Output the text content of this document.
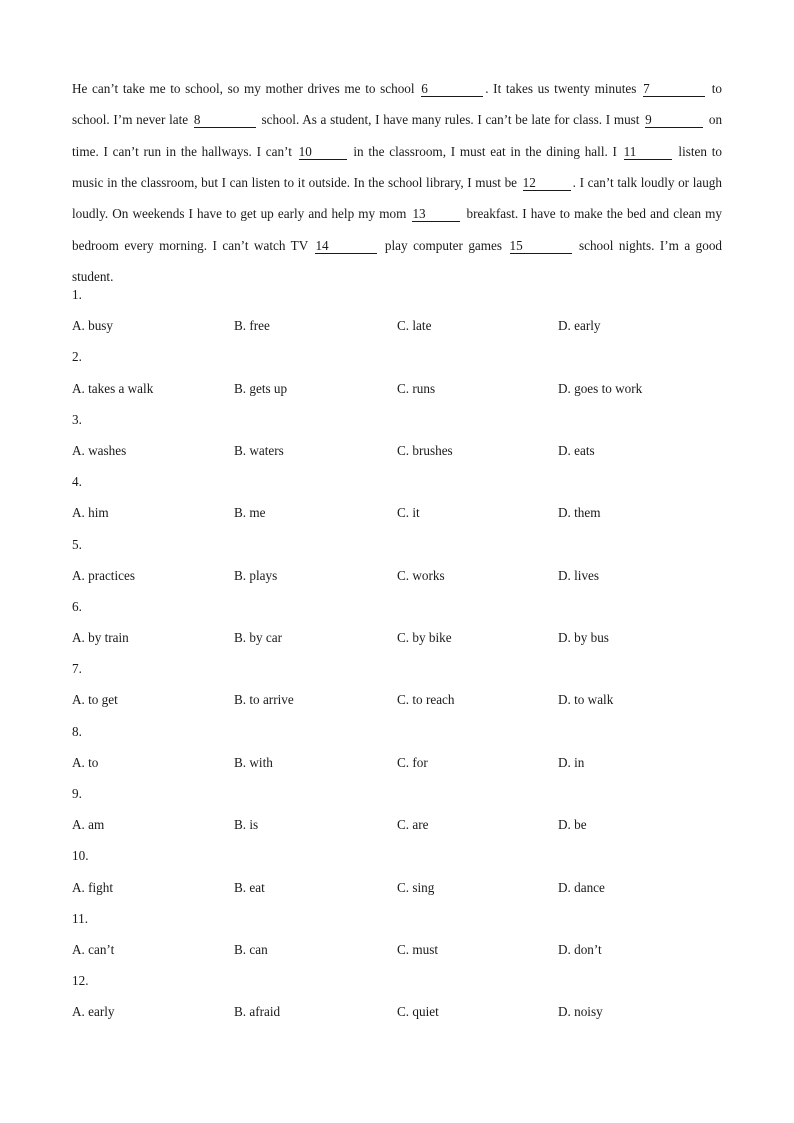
He can’t take me to school, so my mother drives me to school 6	. It takes us twenty minutes 7	to school. I’m never late 8	school. As a student, I have many rules. I can’t be late for class. I must 9	on time. I can’t run in the hallways. I can’t 10	in the classroom, I must eat in the dining hall. I 11	listen to music in the classroom, but I can listen to it outside. In the school library, I must be 12	. I can’t talk loudly or laugh loudly. On weekends I have to get up early and help my mom 13	breakfast. I have to make the bed and clean my bedroom every morning. I can’t watch TV 14	play computer games 15	school nights. I’m a good student.

1.
A. busy	B. free	C. late	D. early
2.
A. takes a walk	B. gets up	C. runs	D. goes to work
3.
A. washes	B. waters	C. brushes	D. eats
4.
A. him	B. me	C. it	D. them
5.
A. practices	B. plays	C. works	D. lives
6.
A. by train	B. by car	C. by bike	D. by bus
7.
A. to get	B. to arrive	C. to reach	D. to walk
8.
A. to	B. with	C. for	D. in
9.
A. am	B. is	C. are	D. be
10.
A. fight	B. eat	C. sing	D. dance
11.
A. can’t	B. can	C. must	D. don’t
12.
A. early	B. afraid	C. quiet	D. noisy
